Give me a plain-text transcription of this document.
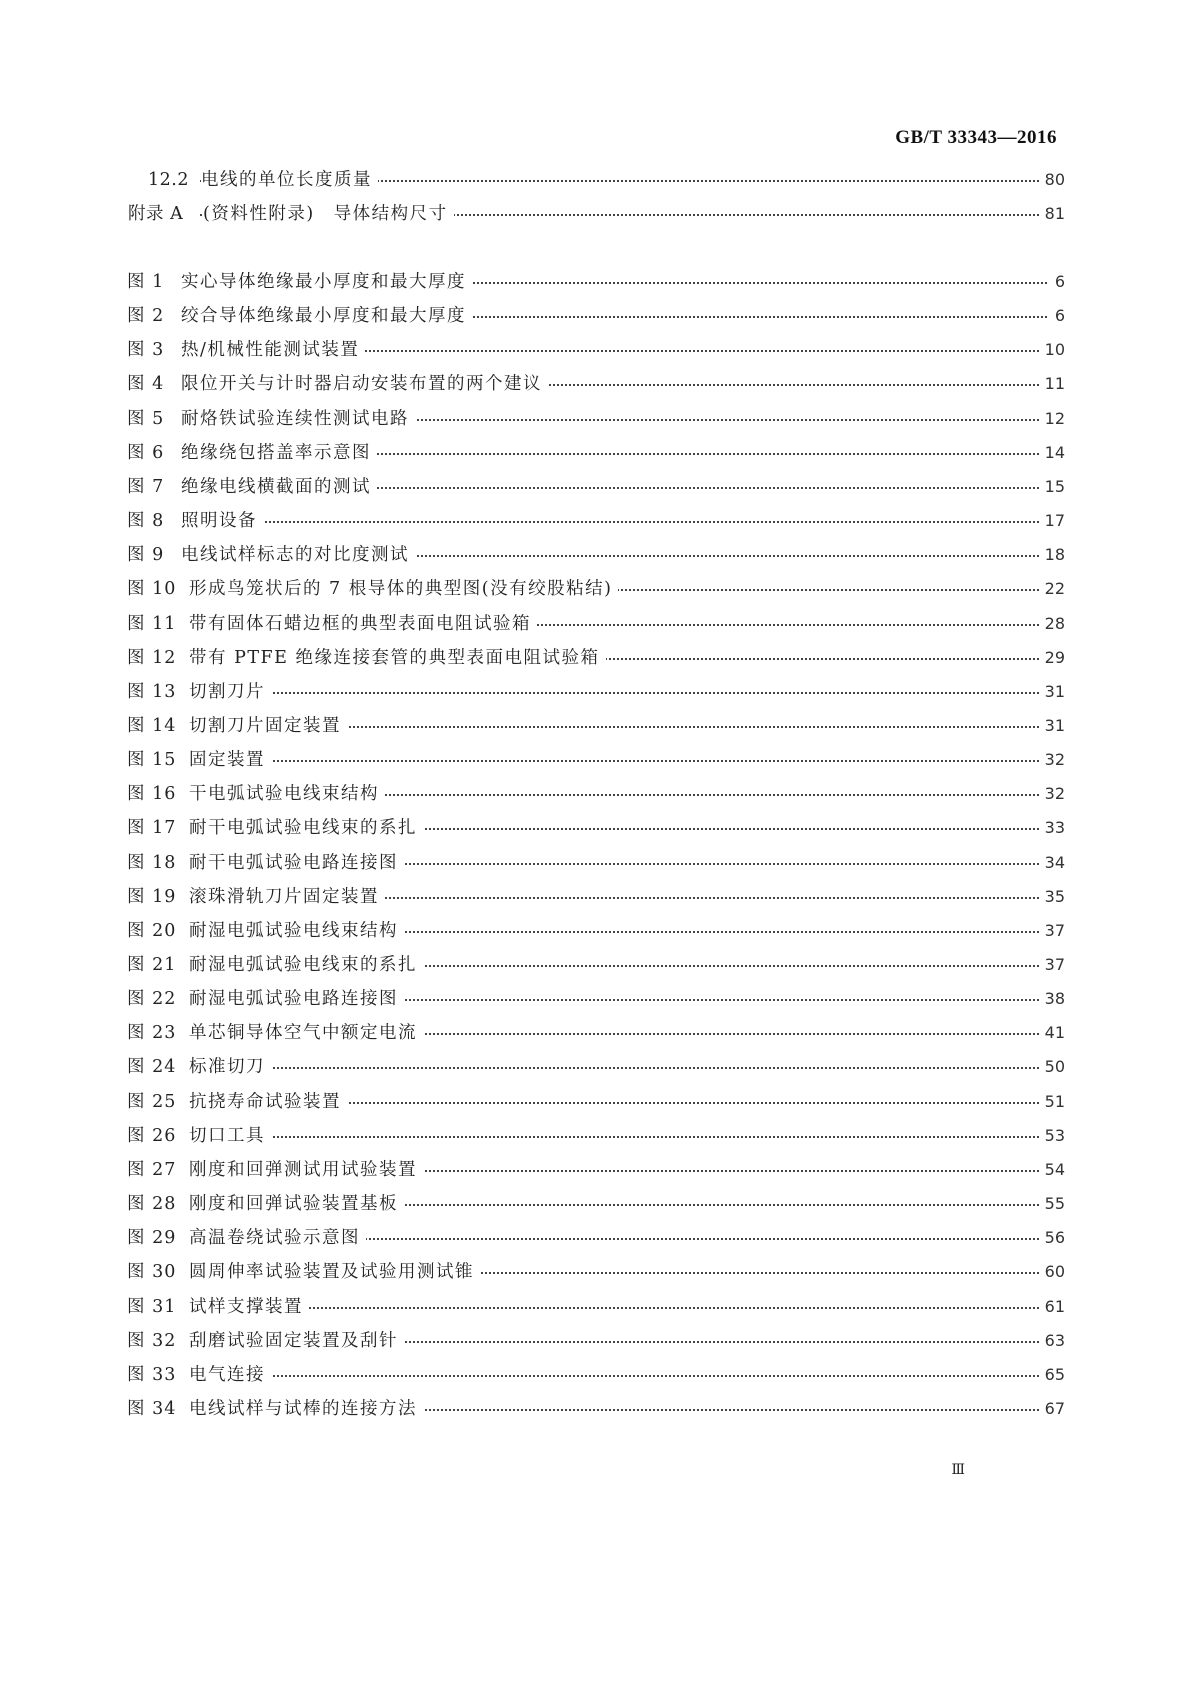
GB/T 33343—2016
12.2 电线的单位长度质量	80
附录 A (资料性附录)　导体结构尺寸	81
图 1 实心导体绝缘最小厚度和最大厚度	6
图 2 绞合导体绝缘最小厚度和最大厚度	6
图 3 热/机械性能测试装置	10
图 4 限位开关与计时器启动安装布置的两个建议	11
图 5 耐烙铁试验连续性测试电路	12
图 6 绝缘绕包搭盖率示意图	14
图 7 绝缘电线横截面的测试	15
图 8 照明设备	17
图 9 电线试样标志的对比度测试	18
图 10 形成鸟笼状后的 7 根导体的典型图(没有绞股粘结)	22
图 11 带有固体石蜡边框的典型表面电阻试验箱	28
图 12 带有 PTFE 绝缘连接套管的典型表面电阻试验箱	29
图 13 切割刀片	31
图 14 切割刀片固定装置	31
图 15 固定装置	32
图 16 干电弧试验电线束结构	32
图 17 耐干电弧试验电线束的系扎	33
图 18 耐干电弧试验电路连接图	34
图 19 滚珠滑轨刀片固定装置	35
图 20 耐湿电弧试验电线束结构	37
图 21 耐湿电弧试验电线束的系扎	37
图 22 耐湿电弧试验电路连接图	38
图 23 单芯铜导体空气中额定电流	41
图 24 标准切刀	50
图 25 抗挠寿命试验装置	51
图 26 切口工具	53
图 27 刚度和回弹测试用试验装置	54
图 28 刚度和回弹试验装置基板	55
图 29 高温卷绕试验示意图	56
图 30 圆周伸率试验装置及试验用测试锥	60
图 31 试样支撑装置	61
图 32 刮磨试验固定装置及刮针	63
图 33 电气连接	65
图 34 电线试样与试棒的连接方法	67
Ⅲ
